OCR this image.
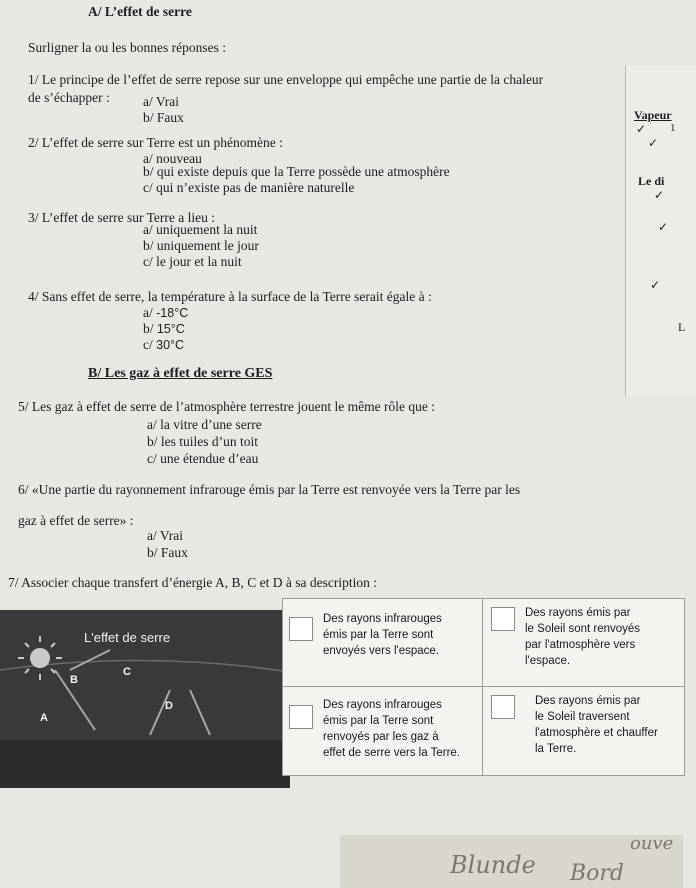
A/ L’effet de serre
Surligner la ou les bonnes réponses :
1/ Le principe de l’effet de serre repose sur une enveloppe qui empêche une partie de la chaleur
de s’échapper : a/ Vrai
b/ Faux
2/ L’effet de serre sur Terre est un phénomène :
a/ nouveau
b/ qui existe depuis que la Terre possède une atmosphère
c/ qui n’existe pas de manière naturelle
3/ L’effet de serre sur Terre a lieu :
a/ uniquement la nuit
b/ uniquement le jour
c/ le jour et la nuit
4/ Sans effet de serre, la température à la surface de la Terre serait égale à :
a/ -18°C
b/ 15°C
c/ 30°C
B/ Les gaz à effet de serre GES
5/ Les gaz à effet de serre de l’atmosphère terrestre jouent le même rôle que :
a/ la vitre d’une serre
b/ les tuiles d’un toit
c/ une étendue d’eau
6/ «Une partie du rayonnement infrarouge émis par la Terre est renvoyée vers la Terre par les
gaz à effet de serre» :
a/ Vrai
b/ Faux
7/ Associer chaque transfert d’énergie A, B, C et D à sa description :
Vapeur
1
Le di
L
✓
✓
✓
✓
✓
L'effet de serre
A
B
C
D
Des rayons infrarouges
émis par la Terre sont
envoyés vers l'espace.
Des rayons émis par
le Soleil sont renvoyés
par l'atmosphère vers
l'espace.
Des rayons infrarouges
émis par la Terre sont
renvoyés par les gaz à
effet de serre vers la Terre.
Des rayons émis par
le Soleil traversent
l'atmosphère et chauffer
la Terre.
Blunde Bord
ouve
